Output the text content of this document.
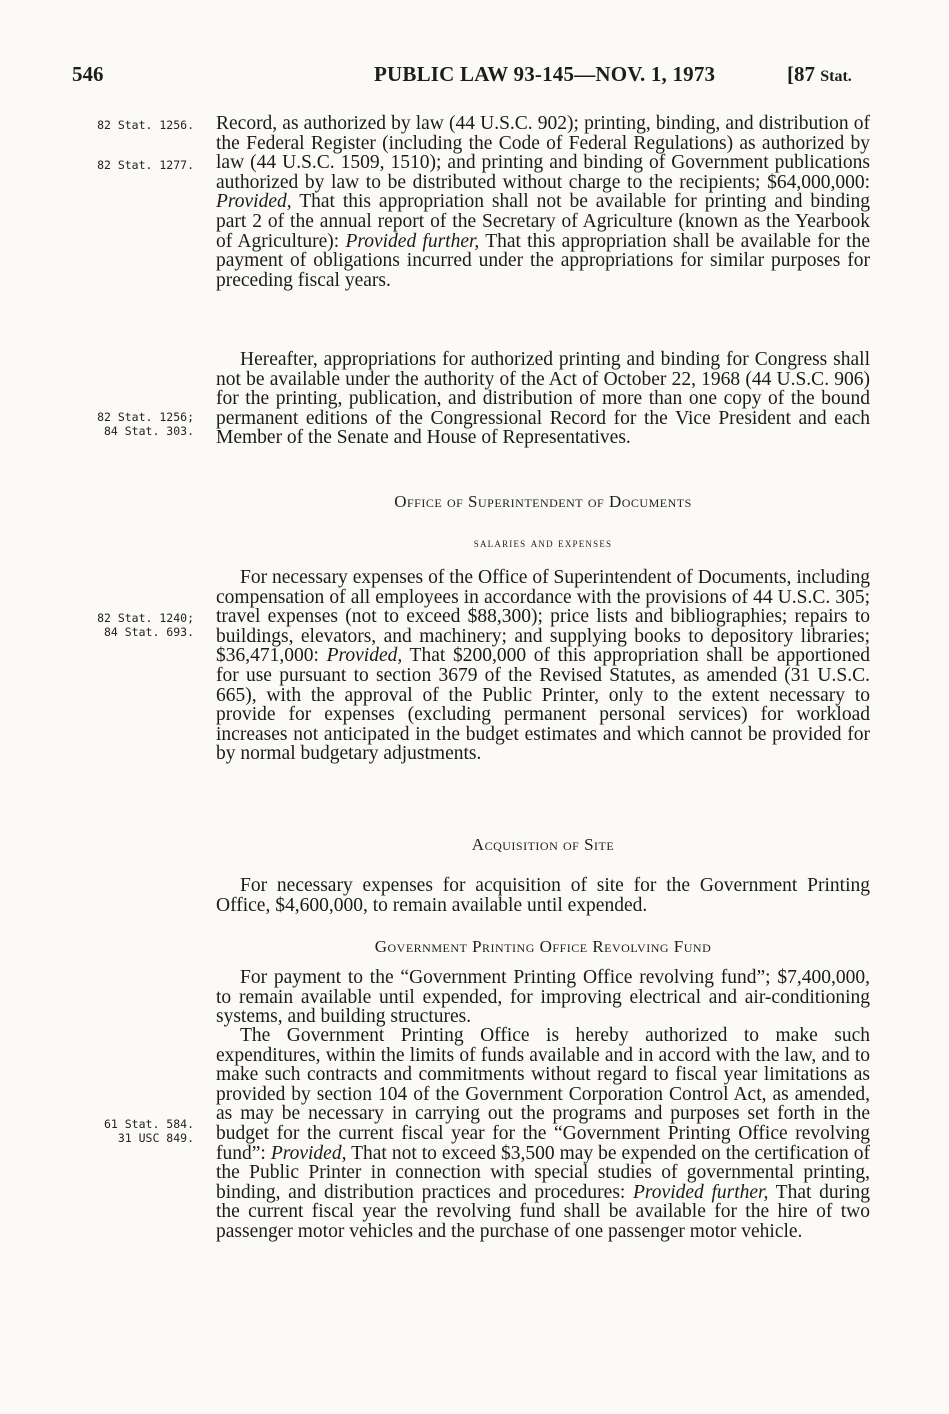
546	PUBLIC LAW 93-145—NOV. 1, 1973	[87 Stat.
82 Stat. 1256.
82 Stat. 1277.
82 Stat. 1256;
84 Stat. 303.
82 Stat. 1240;
84 Stat. 693.
61 Stat. 584.
31 USC 849.

Record, as authorized by law (44 U.S.C. 902); printing, binding, and distribution of the Federal Register (including the Code of Federal Regulations) as authorized by law (44 U.S.C. 1509, 1510); and printing and binding of Government publications authorized by law to be distributed without charge to the recipients; $64,000,000: Provided, That this appropriation shall not be available for printing and binding part 2 of the annual report of the Secretary of Agriculture (known as the Yearbook of Agriculture): Provided further, That this appropriation shall be available for the payment of obligations incurred under the appropriations for similar purposes for preceding fiscal years.

Hereafter, appropriations for authorized printing and binding for Congress shall not be available under the authority of the Act of October 22, 1968 (44 U.S.C. 906) for the printing, publication, and distribution of more than one copy of the bound permanent editions of the Congressional Record for the Vice President and each Member of the Senate and House of Representatives.

Office of Superintendent of Documents
salaries and expenses

For necessary expenses of the Office of Superintendent of Documents, including compensation of all employees in accordance with the provisions of 44 U.S.C. 305; travel expenses (not to exceed $88,300); price lists and bibliographies; repairs to buildings, elevators, and machinery; and supplying books to depository libraries; $36,471,000: Provided, That $200,000 of this appropriation shall be apportioned for use pursuant to section 3679 of the Revised Statutes, as amended (31 U.S.C. 665), with the approval of the Public Printer, only to the extent necessary to provide for expenses (excluding permanent personal services) for workload increases not anticipated in the budget estimates and which cannot be provided for by normal budgetary adjustments.

Acquisition of Site

For necessary expenses for acquisition of site for the Government Printing Office, $4,600,000, to remain available until expended.

Government Printing Office Revolving Fund

For payment to the “Government Printing Office revolving fund”; $7,400,000, to remain available until expended, for improving electrical and air-conditioning systems, and building structures.

The Government Printing Office is hereby authorized to make such expenditures, within the limits of funds available and in accord with the law, and to make such contracts and commitments without regard to fiscal year limitations as provided by section 104 of the Government Corporation Control Act, as amended, as may be necessary in carrying out the programs and purposes set forth in the budget for the current fiscal year for the “Government Printing Office revolving fund”: Provided, That not to exceed $3,500 may be expended on the certification of the Public Printer in connection with special studies of governmental printing, binding, and distribution practices and procedures: Provided further, That during the current fiscal year the revolving fund shall be available for the hire of two passenger motor vehicles and the purchase of one passenger motor vehicle.
